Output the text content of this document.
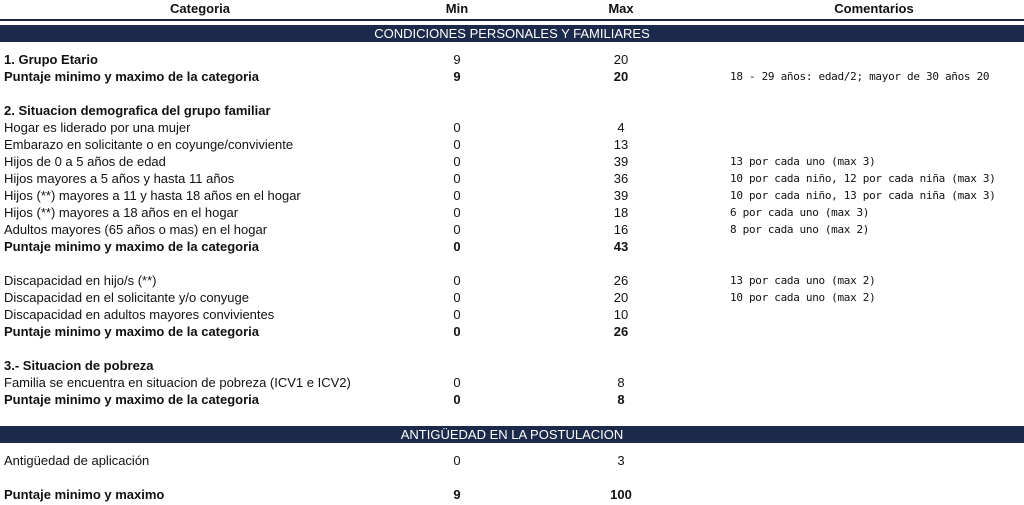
Categoria	Min	Max	Comentarios
CONDICIONES PERSONALES Y FAMILIARES
1. Grupo Etario	9	20
Puntaje minimo y maximo de la categoria	9	20	18 - 29 años: edad/2; mayor de 30 años 20
2. Situacion demografica del grupo familiar
Hogar es liderado por una mujer	0	4
Embarazo en solicitante o en coyunge/conviviente	0	13
Hijos de 0 a 5 años de edad	0	39	13 por cada uno (max 3)
Hijos mayores a 5 años y hasta 11 años	0	36	10 por cada niño, 12 por cada niña (max 3)
Hijos (**) mayores a 11 y hasta 18 años en el hogar	0	39	10 por cada niño, 13 por cada niña (max 3)
Hijos (**) mayores a 18 años en el hogar	0	18	6 por cada uno (max 3)
Adultos mayores (65 años o mas) en el hogar	0	16	8 por cada uno (max 2)
Puntaje minimo y maximo de la categoria	0	43
Discapacidad en hijo/s (**)	0	26	13 por cada uno (max 2)
Discapacidad en el solicitante y/o conyuge	0	20	10 por cada uno (max 2)
Discapacidad en adultos mayores convivientes	0	10
Puntaje minimo y maximo de la categoria	0	26
3.- Situacion de pobreza
Familia se encuentra en situacion de pobreza (ICV1 e ICV2)	0	8
Puntaje minimo y maximo de la categoria	0	8
ANTIGÜEDAD EN LA POSTULACION
Antigüedad de aplicación	0	3
Puntaje minimo y maximo	9	100
